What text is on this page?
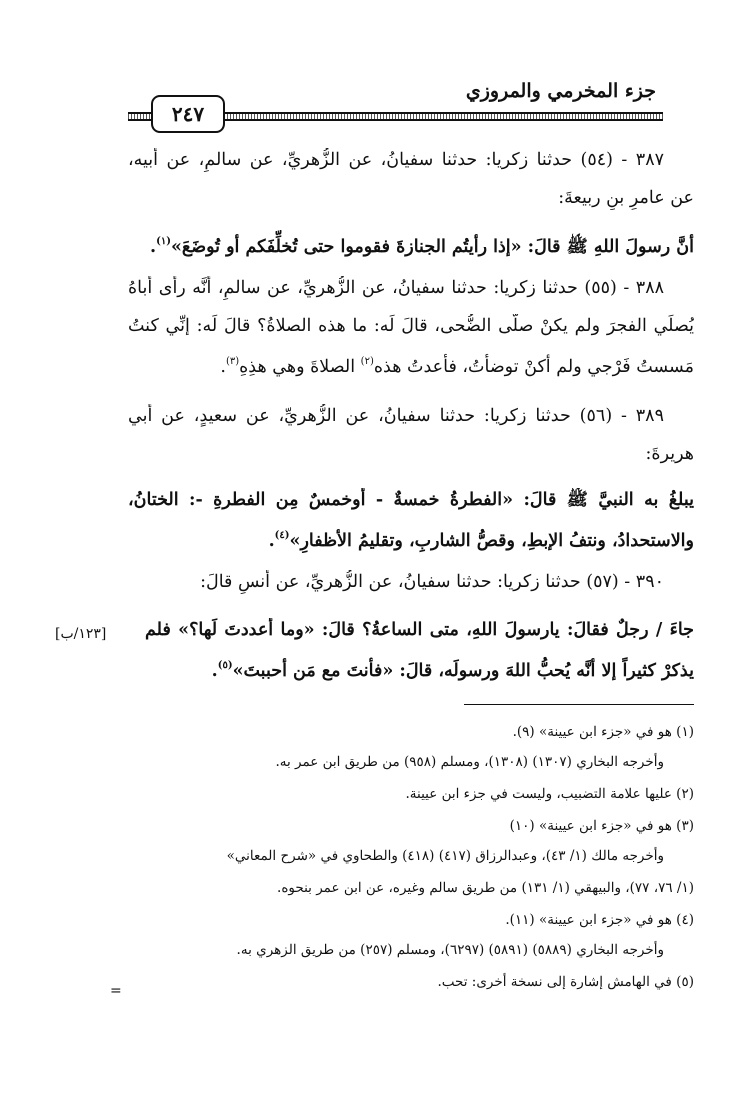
جزء المخرمي والمروزي
٢٤٧
٣٨٧ - (٥٤) حدثنا زكريا: حدثنا سفيانُ، عن الزُّهريِّ، عن سالمٍ، عن أبيه،
عن عامرِ بنِ ربيعةَ:
أنَّ رسولَ اللهِ ﷺ قالَ: «إذا رأيتُم الجنازةَ فقوموا حتى تُخلِّفَكم أو تُوضَعَ»$^{(١)}$.
٣٨٨ - (٥٥) حدثنا زكريا: حدثنا سفيانُ، عن الزُّهريِّ، عن سالمٍ، أنَّه رأى أباهُ
يُصلِّي الفجرَ ولم يكنْ صلَّى الضُّحى، قالَ لَه: ما هذه الصلاةُ؟ قالَ لَه: إنِّي كنتُ
مَسستُ فَرْجي ولم أكنْ توضأتُ، فأعدتُ هذه$^{(٢)}$ الصلاةَ وهي هذِهِ$^{(٣)}$.
٣٨٩ - (٥٦) حدثنا زكريا: حدثنا سفيانُ، عن الزُّهريِّ، عن سعيدٍ، عن أبي
هريرةَ:
يبلغُ به النبيَّ ﷺ قالَ: «الفطرةُ خمسةٌ - أوخمسٌ مِن الفطرةِ -: الختانُ،
والاستحدادُ، ونتفُ الإبطِ، وقصُّ الشاربِ، وتقليمُ الأظفارِ»$^{(٤)}$.
٣٩٠ - (٥٧) حدثنا زكريا: حدثنا سفيانُ، عن الزُّهريِّ، عن أنسٍ قالَ:
جاءَ / رجلٌ فقالَ: يارسولَ اللهِ، متى الساعةُ؟ قالَ: «وما أعددتَ لَها؟» فلم
يذكرْ كثيراً إلا أنَّه يُحبُّ اللهَ ورسولَه، قالَ: «فأنتَ مع مَن أحببتَ»$^{(٥)}$.
[١٢٣/ب]
(١) هو في «جزء ابن عيينة» (٩).
وأخرجه البخاري (١٣٠٧) (١٣٠٨)، ومسلم (٩٥٨) من طريق ابن عمر به.
(٢) عليها علامة التضبيب، وليست في جزء ابن عيينة.
(٣) هو في «جزء ابن عيينة» (١٠)
وأخرجه مالك (١/ ٤٣)، وعبدالرزاق (٤١٧) (٤١٨) والطحاوي في «شرح المعاني»
(١/ ٧٦، ٧٧)، والبيهقي (١/ ١٣١) من طريق سالم وغيره، عن ابن عمر بنحوه.
(٤) هو في «جزء ابن عيينة» (١١).
وأخرجه البخاري (٥٨٨٩) (٥٨٩١) (٦٢٩٧)، ومسلم (٢٥٧) من طريق الزهري به.
(٥) في الهامش إشارة إلى نسخة أخرى: تحب.
=
